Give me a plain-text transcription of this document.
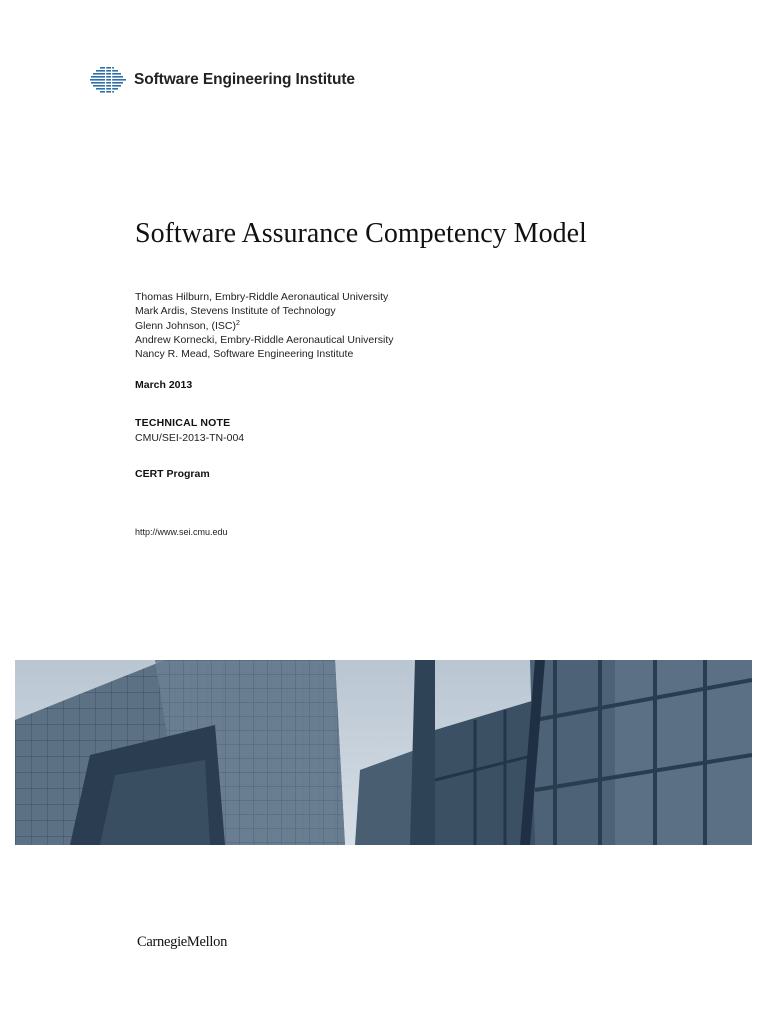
Software Engineering Institute
Software Assurance Competency Model
Thomas Hilburn, Embry-Riddle Aeronautical University
Mark Ardis, Stevens Institute of Technology
Glenn Johnson, (ISC)$^2$
Andrew Kornecki, Embry-Riddle Aeronautical University
Nancy R. Mead, Software Engineering Institute
March 2013
TECHNICAL NOTE
CMU/SEI-2013-TN-004
CERT Program
http://www.sei.cmu.edu
CarnegieMellon
